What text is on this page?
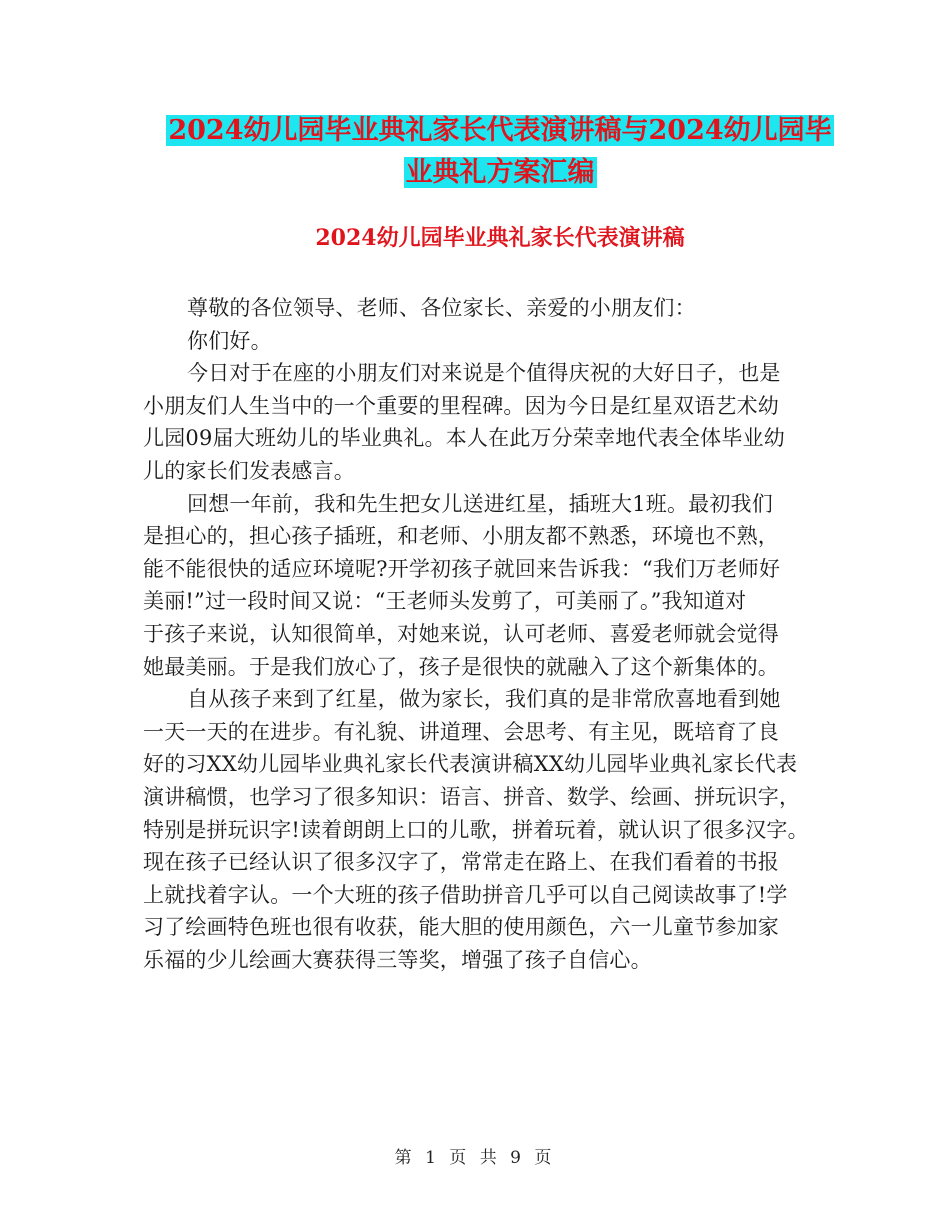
2024幼儿园毕业典礼家长代表演讲稿与2024幼儿园毕
业典礼方案汇编
2024幼儿园毕业典礼家长代表演讲稿

尊敬的各位领导、老师、各位家长、亲爱的小朋友们：

你们好。

今日对于在座的小朋友们对来说是个值得庆祝的大好日子，也是

小朋友们人生当中的一个重要的里程碑。因为今日是红星双语艺术幼

儿园09届大班幼儿的毕业典礼。本人在此万分荣幸地代表全体毕业幼

儿的家长们发表感言。

回想一年前，我和先生把女儿送进红星，插班大1班。最初我们

是担心的，担心孩子插班，和老师、小朋友都不熟悉，环境也不熟，

能不能很快的适应环境呢?开学初孩子就回来告诉我：“我们万老师好

美丽!”过一段时间又说：“王老师头发剪了，可美丽了。”我知道对

于孩子来说，认知很简单，对她来说，认可老师、喜爱老师就会觉得

她最美丽。于是我们放心了，孩子是很快的就融入了这个新集体的。

自从孩子来到了红星，做为家长，我们真的是非常欣喜地看到她

一天一天的在进步。有礼貌、讲道理、会思考、有主见，既培育了良

好的习XX幼儿园毕业典礼家长代表演讲稿XX幼儿园毕业典礼家长代表

演讲稿惯，也学习了很多知识：语言、拼音、数学、绘画、拼玩识字，

特别是拼玩识字!读着朗朗上口的儿歌，拼着玩着，就认识了很多汉字。

现在孩子已经认识了很多汉字了，常常走在路上、在我们看着的书报

上就找着字认。一个大班的孩子借助拼音几乎可以自己阅读故事了!学

习了绘画特色班也很有收获，能大胆的使用颜色，六一儿童节参加家

乐福的少儿绘画大赛获得三等奖，增强了孩子自信心。

第 1 页 共 9 页
